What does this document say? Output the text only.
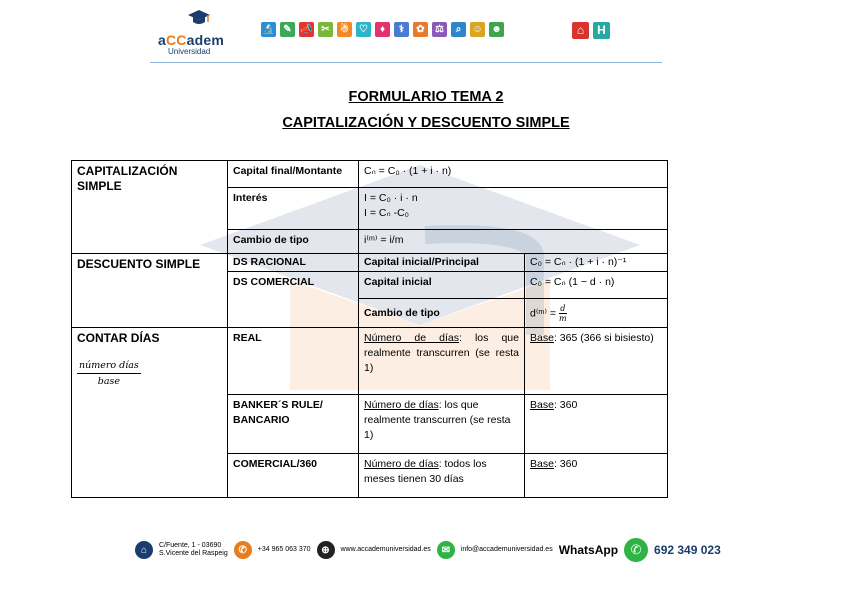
aCCadem
Universidad
🔬 ✎ 📣 ✂	☃	♡	♦	⚕	✿	⚖	⌕	☺ ☻	⌂	H
FORMULARIO TEMA 2
CAPITALIZACIÓN Y DESCUENTO SIMPLE
CAPITALIZACIÓN SIMPLE	Capital final/Montante	Cₙ = C₀ · (1 + i · n)	
	Interés	I = C₀ · i · n
I = Cₙ -C₀	

	Cambio de tipo	i⁽ᵐ⁾ = i/m	
DESCUENTO SIMPLE	DS RACIONAL	Capital inicial/Principal	C₀ = Cₙ · (1 + i · n)⁻¹
	DS COMERCIAL	Capital inicial	C₀ = Cₙ (1 − d · n)
		Cambio de tipo	d⁽ᵐ⁾ = $\frac{d}{m}$

CONTAR DÍAS
$\frac{\text{número días}}{\text{base}}$	REAL	Número de días: los que realmente transcurren (se resta 1)	Base: 365 (366 si bisiesto)
	BANKER´S RULE/ BANCARIO	Número de días: los que realmente transcurren (se resta 1)	Base: 360
	COMERCIAL/360	Número de días: todos los meses tienen 30 días	Base: 360
⌂	C/Fuente, 1 - 03690
S.Vicente del Raspeig	✆	+34 965 063 370	⊕	www.accademuniversidad.es	✉	info@accademuniversidad.es WhatsApp ✆	692 349 023
